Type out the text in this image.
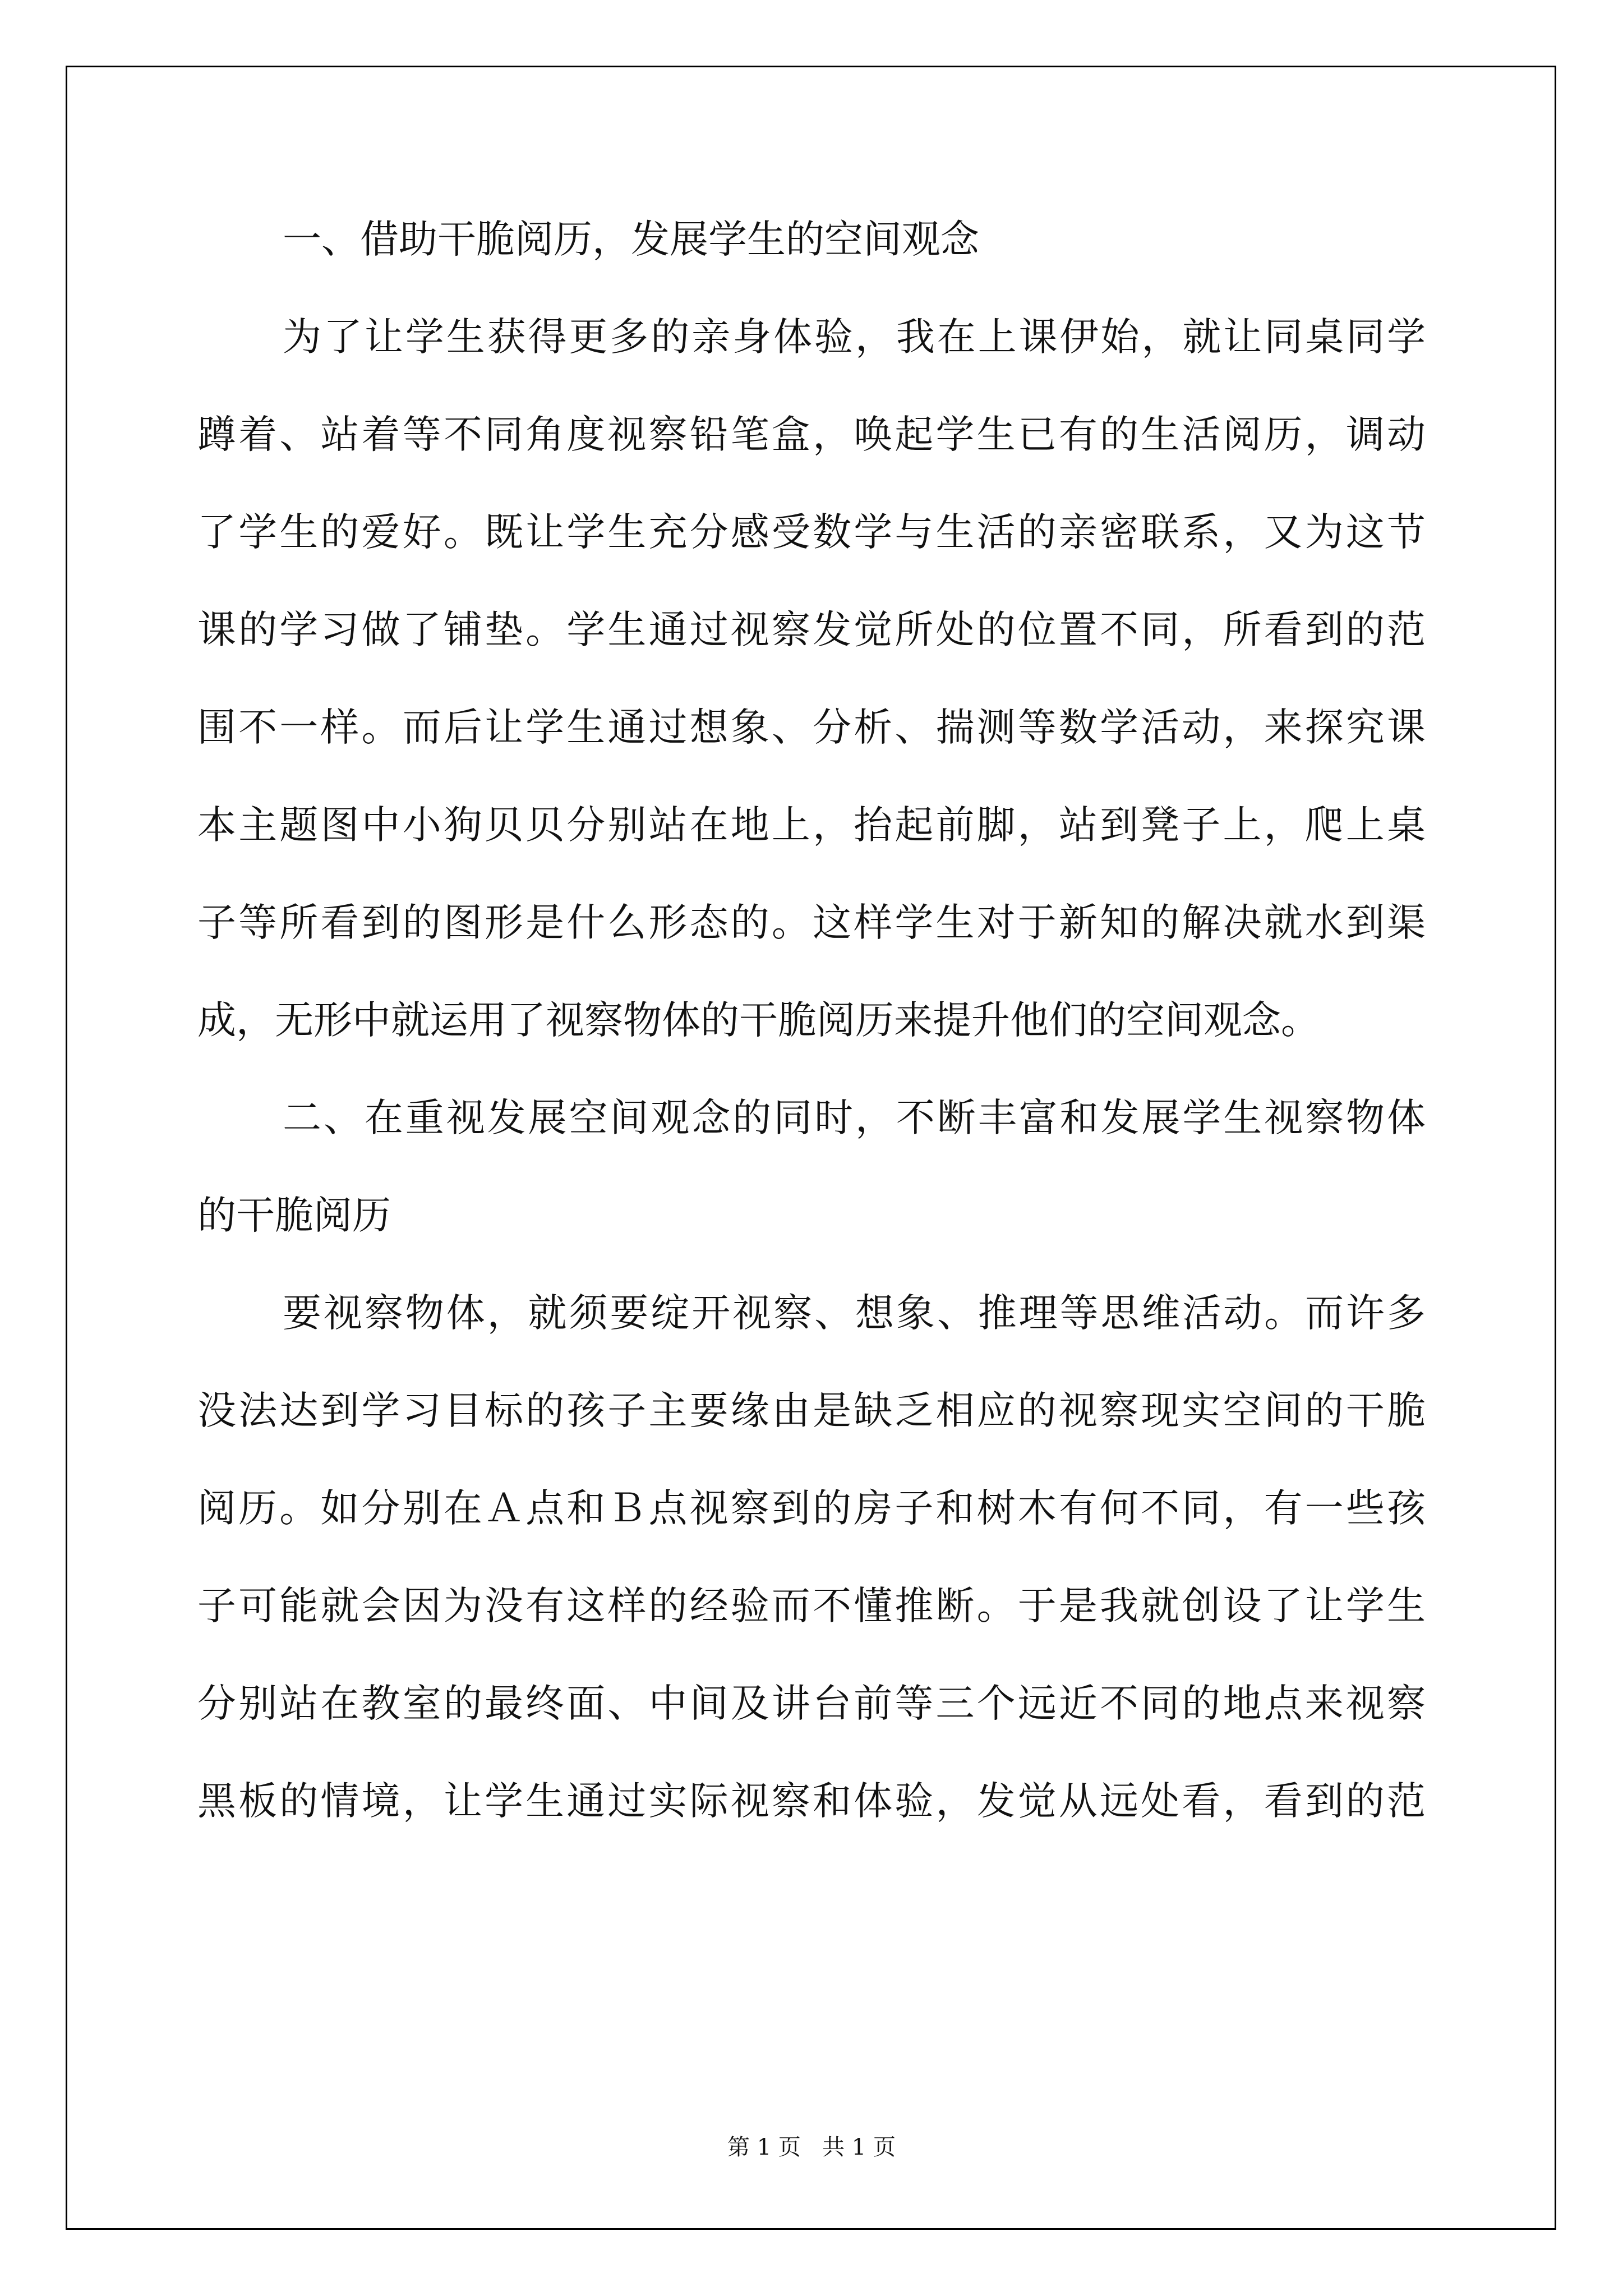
一、借助干脆阅历，发展学生的空间观念
为了让学生获得更多的亲身体验，我在上课伊始，就让同桌同学
蹲着、站着等不同角度视察铅笔盒，唤起学生已有的生活阅历，调动
了学生的爱好。既让学生充分感受数学与生活的亲密联系，又为这节
课的学习做了铺垫。学生通过视察发觉所处的位置不同，所看到的范
围不一样。而后让学生通过想象、分析、揣测等数学活动，来探究课
本主题图中小狗贝贝分别站在地上，抬起前脚，站到凳子上，爬上桌
子等所看到的图形是什么形态的。这样学生对于新知的解决就水到渠
成，无形中就运用了视察物体的干脆阅历来提升他们的空间观念。
二、在重视发展空间观念的同时，不断丰富和发展学生视察物体
的干脆阅历
要视察物体，就须要绽开视察、想象、推理等思维活动。而许多
没法达到学习目标的孩子主要缘由是缺乏相应的视察现实空间的干脆
阅历。如分别在Ａ点和Ｂ点视察到的房子和树木有何不同，有一些孩
子可能就会因为没有这样的经验而不懂推断。于是我就创设了让学生
分别站在教室的最终面、中间及讲台前等三个远近不同的地点来视察
黑板的情境，让学生通过实际视察和体验，发觉从远处看，看到的范
第 1 页   共 1 页
